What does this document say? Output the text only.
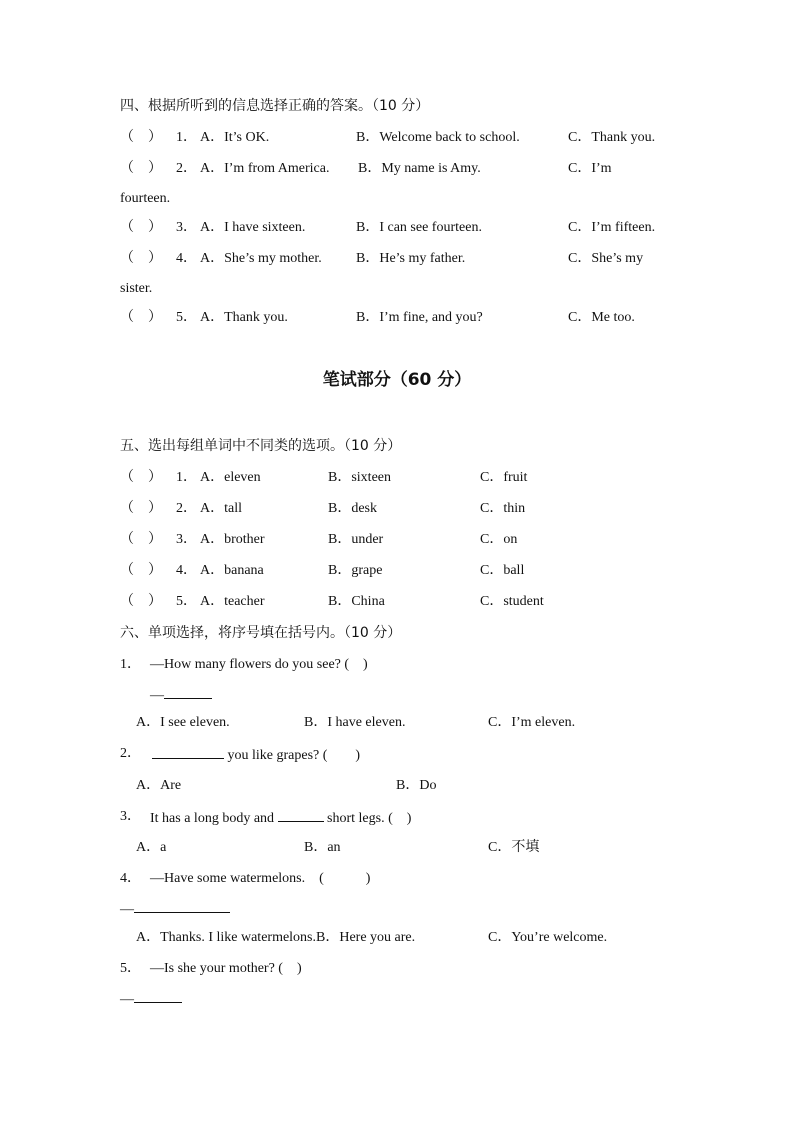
四、根据所听到的信息选择正确的答案。（10 分）
（　） 1． A．It’s OK.	B．Welcome back to school.	C．Thank you.
（　） 2． A．I’m from America. B．My name is Amy.	C．I’m
fourteen.
（　） 3． A．I have sixteen.	B．I can see fourteen.	C．I’m fifteen.
（　） 4． A．She’s my mother. B．He’s my father.	C．She’s my
sister.
（　） 5． A．Thank you.	B．I’m fine, and you?	C．Me too.
笔试部分（60 分）
五、选出每组单词中不同类的选项。（10 分）
（　） 1． A．eleven	B．sixteen	C．fruit
（　） 2． A．tall	B．desk	C．thin
（　） 3． A．brother	B．under	C．on
（　） 4． A．banana	B．grape	C．ball
（　） 5． A．teacher	B．China	C．student
六、单项选择，将序号填在括号内。（10 分）
1． —How many flowers do you see? (　)
—
A．I see eleven.	B．I have eleven.	C．I’m eleven.
2．	you like grapes? (　　)
A．Are	B．Do
3． It has a long body and	short legs. (　)
A．a	B．an	C．不填
4． —Have some watermelons.　(　　　)
—
A．Thanks. I like watermelons.B．Here you are.	C．You’re welcome.
5． —Is she your mother? (　)
—
